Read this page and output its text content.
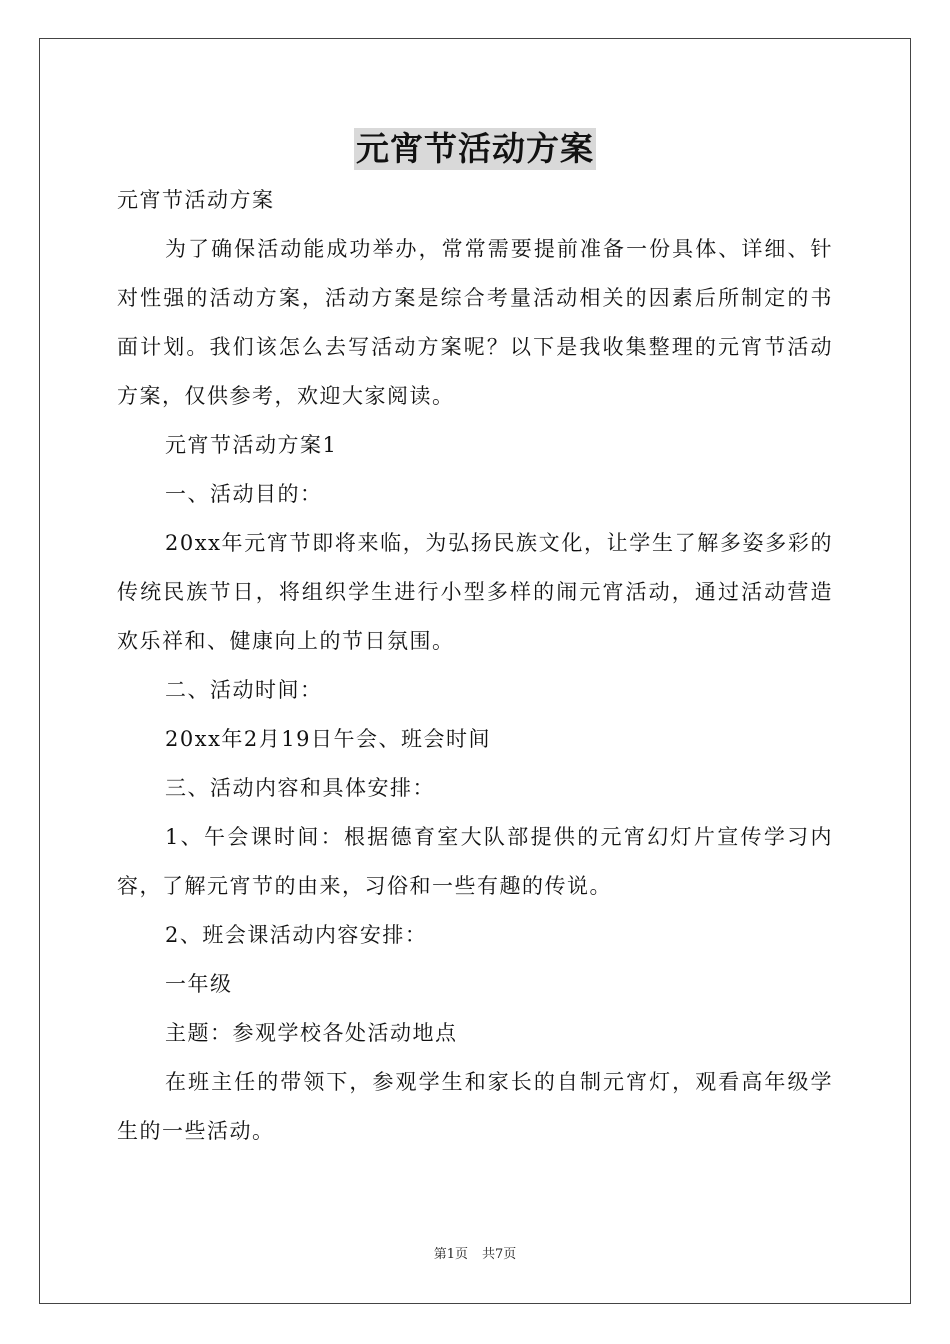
元宵节活动方案

元宵节活动方案

为了确保活动能成功举办，常常需要提前准备一份具体、详细、针对性强的活动方案，活动方案是综合考量活动相关的因素后所制定的书面计划。我们该怎么去写活动方案呢？以下是我收集整理的元宵节活动方案，仅供参考，欢迎大家阅读。

元宵节活动方案1

一、活动目的：

20xx年元宵节即将来临，为弘扬民族文化，让学生了解多姿多彩的传统民族节日，将组织学生进行小型多样的闹元宵活动，通过活动营造欢乐祥和、健康向上的节日氛围。

二、活动时间：

20xx年2月19日午会、班会时间

三、活动内容和具体安排：

1、午会课时间：根据德育室大队部提供的元宵幻灯片宣传学习内容，了解元宵节的由来，习俗和一些有趣的传说。

2、班会课活动内容安排：

一年级

主题：参观学校各处活动地点

在班主任的带领下，参观学生和家长的自制元宵灯，观看高年级学生的一些活动。

第1页 共7页
